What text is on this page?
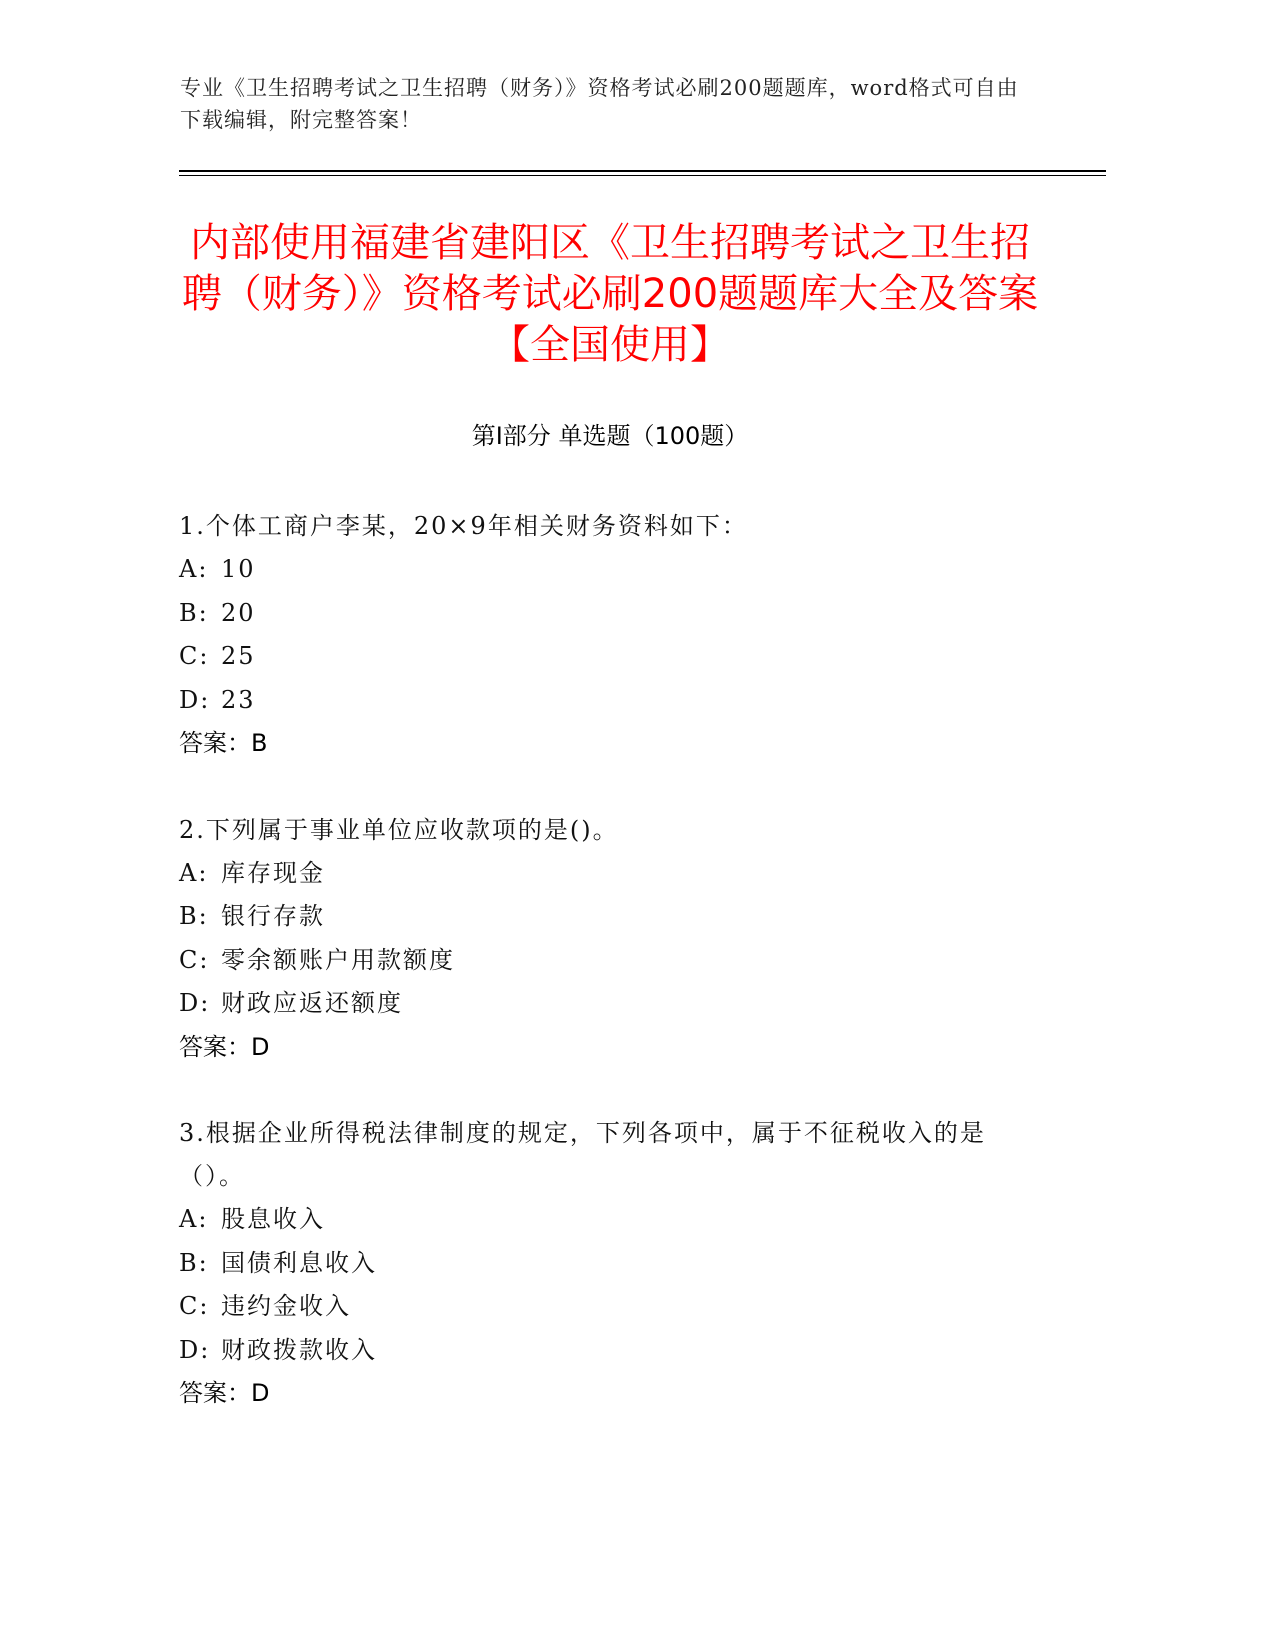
专业《卫生招聘考试之卫生招聘（财务）》资格考试必刷200题题库，word格式可自由下载编辑，附完整答案！
内部使用福建省建阳区《卫生招聘考试之卫生招聘（财务）》资格考试必刷200题题库大全及答案【全国使用】
第Ⅰ部分 单选题（100题）

1.个体工商户李某，20×9年相关财务资料如下：

A: 10
B: 20
C: 25
D: 23
答案：B

2.下列属于事业单位应收款项的是()。

A: 库存现金
B: 银行存款
C: 零余额账户用款额度
D: 财政应返还额度
答案：D

3.根据企业所得税法律制度的规定，下列各项中，属于不征税收入的是（）。

A: 股息收入
B: 国债利息收入
C: 违约金收入
D: 财政拨款收入
答案：D
